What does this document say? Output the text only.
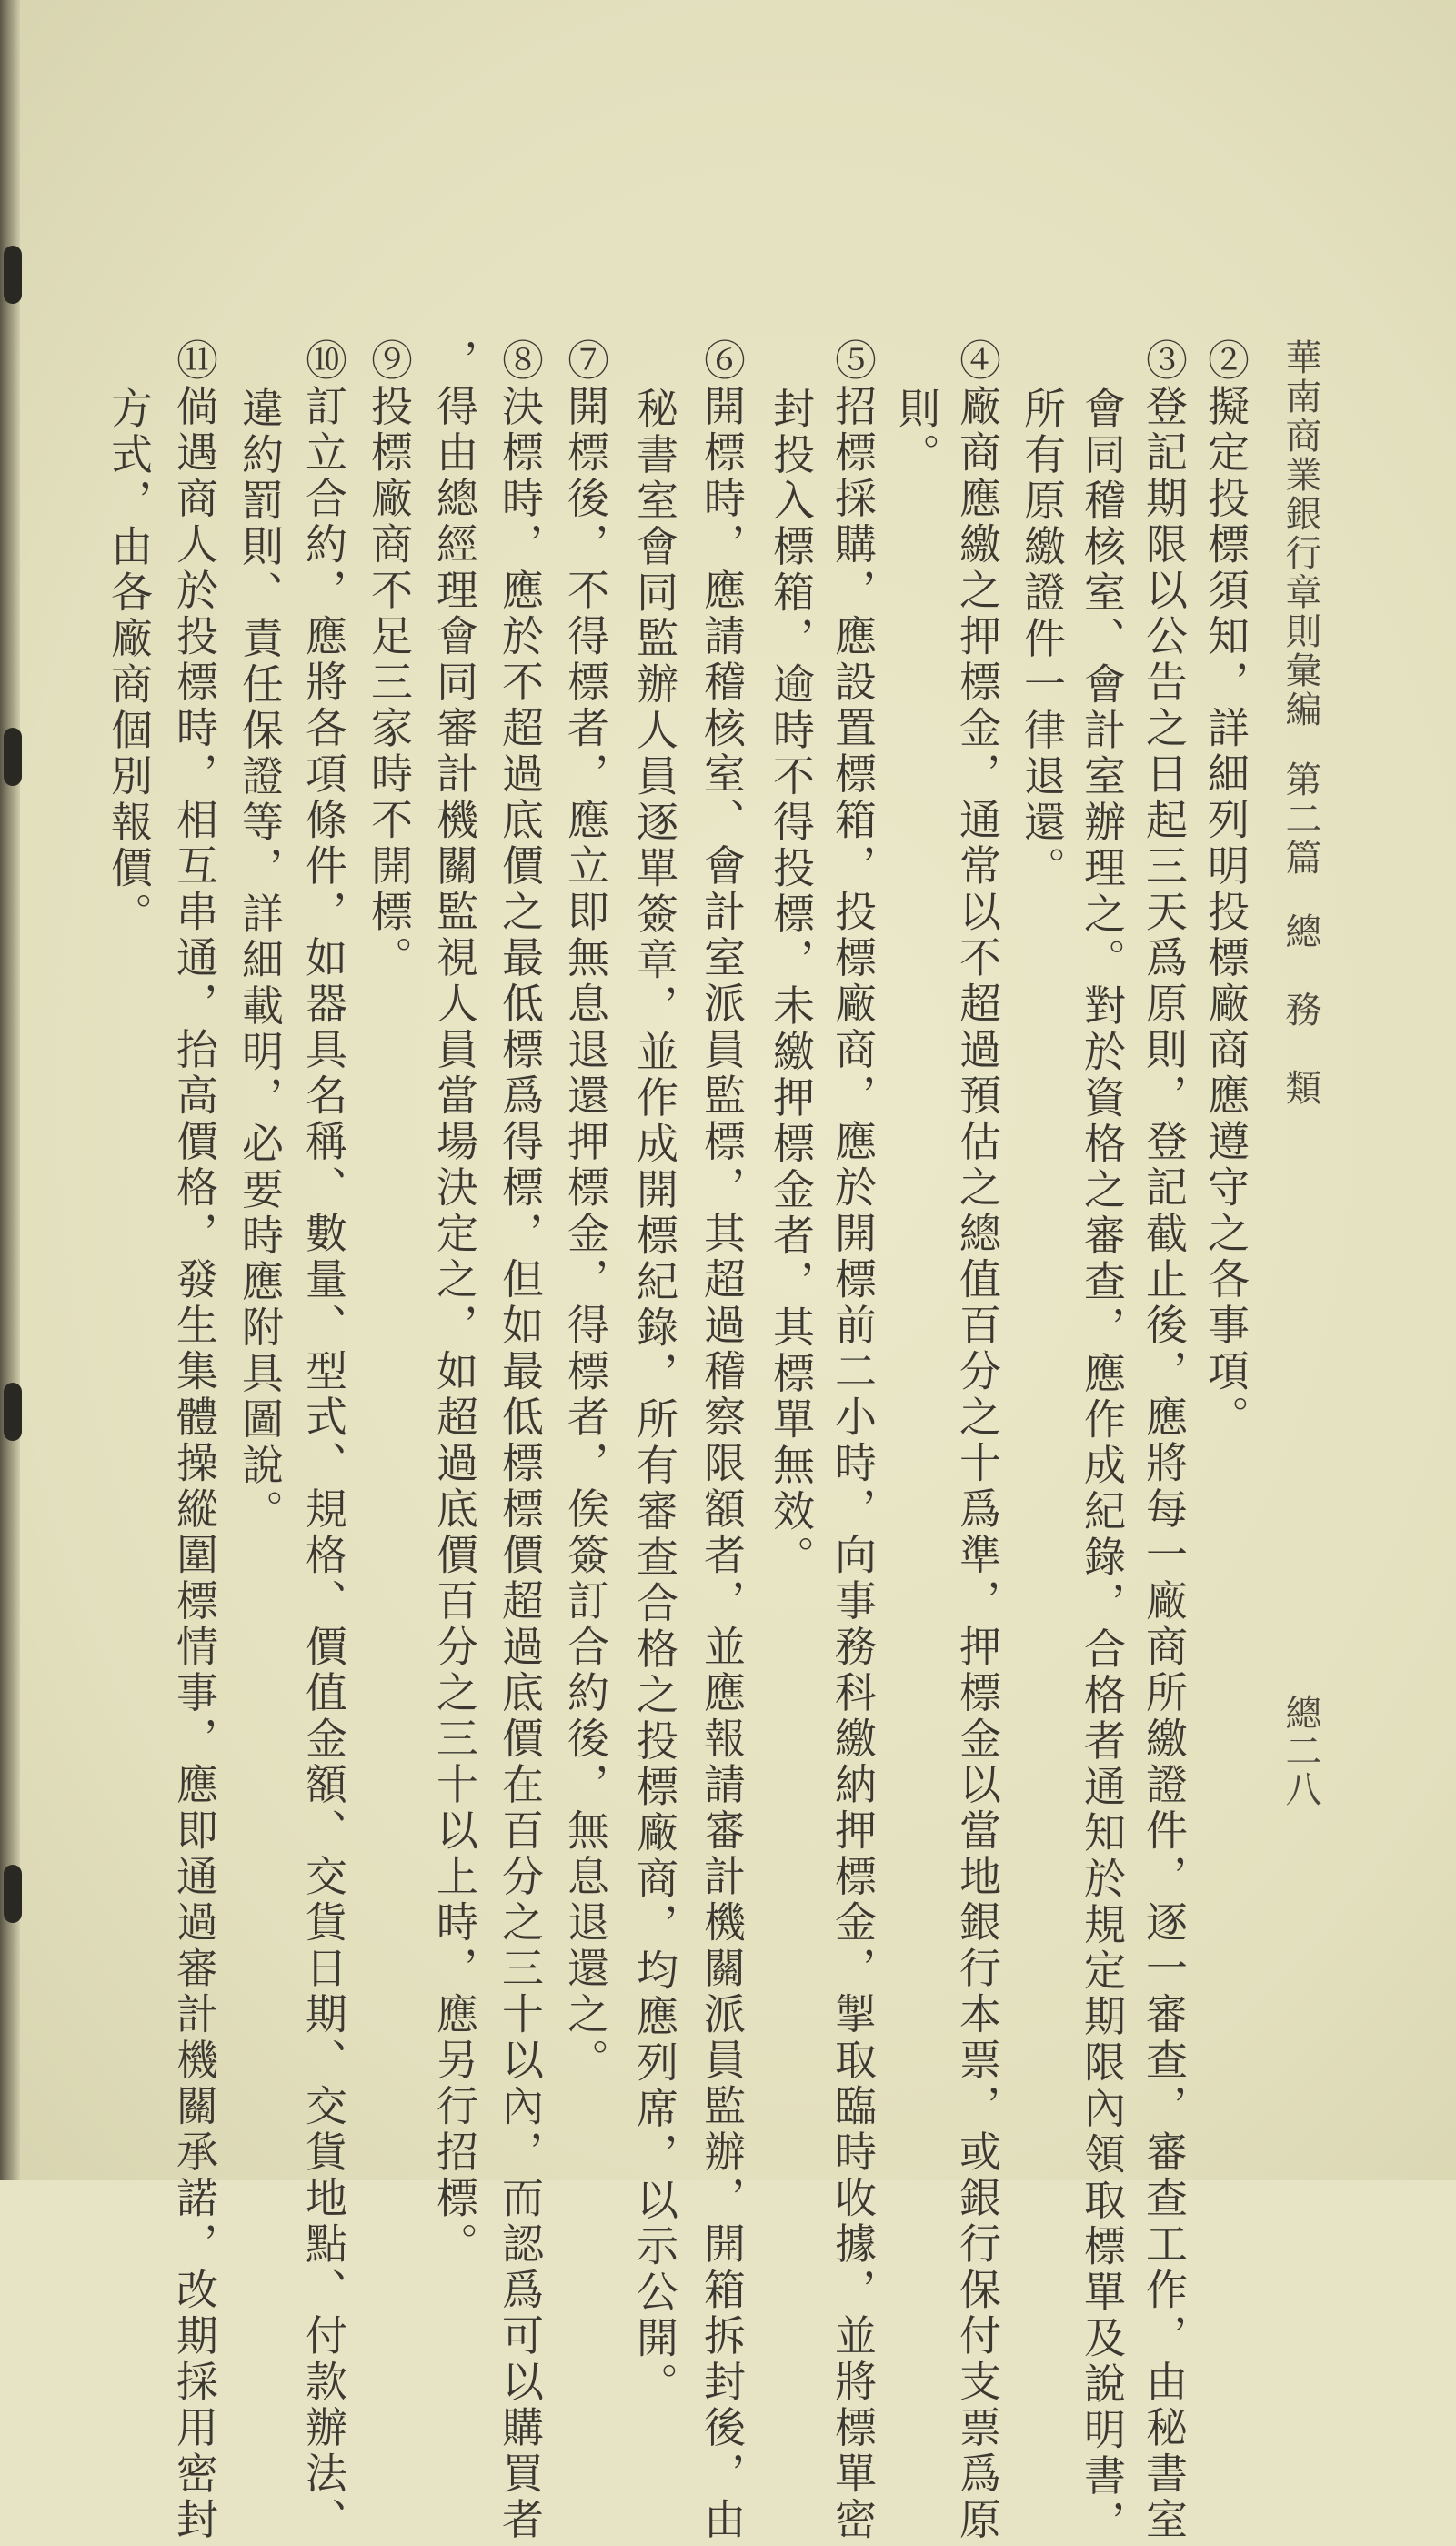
華南商業銀行章則彙編第二篇總　務　類
總二八
②擬定投標須知，詳細列明投標廠商應遵守之各事項。
③登記期限以公告之日起三天爲原則，登記截止後，應將每一廠商所繳證件，逐一審查，審查工作，由秘書室
會同稽核室、會計室辦理之。對於資格之審查，應作成紀錄，合格者通知於規定期限內領取標單及說明書，
所有原繳證件一律退還。
④廠商應繳之押標金，通常以不超過預估之總值百分之十爲準，押標金以當地銀行本票，或銀行保付支票爲原
則。
⑤招標採購，應設置標箱，投標廠商，應於開標前二小時，向事務科繳納押標金，掣取臨時收據，並將標單密
封投入標箱，逾時不得投標，未繳押標金者，其標單無效。
⑥開標時，應請稽核室、會計室派員監標，其超過稽察限額者，並應報請審計機關派員監辦，開箱拆封後，由
秘書室會同監辦人員逐單簽章，並作成開標紀錄，所有審查合格之投標廠商，均應列席，以示公開。
⑦開標後，不得標者，應立即無息退還押標金，得標者，俟簽訂合約後，無息退還之。
⑧決標時，應於不超過底價之最低標爲得標，但如最低標標價超過底價在百分之三十以內，而認爲可以購買者
，得由總經理會同審計機關監視人員當場決定之，如超過底價百分之三十以上時，應另行招標。
⑨投標廠商不足三家時不開標。
⑩訂立合約，應將各項條件，如器具名稱、數量、型式、規格、價值金額、交貨日期、交貨地點、付款辦法、
違約罰則、責任保證等，詳細載明，必要時應附具圖說。
⑪倘遇商人於投標時，相互串通，抬高價格，發生集體操縱圍標情事，應即通過審計機關承諾，改期採用密封
方式，由各廠商個別報價。
